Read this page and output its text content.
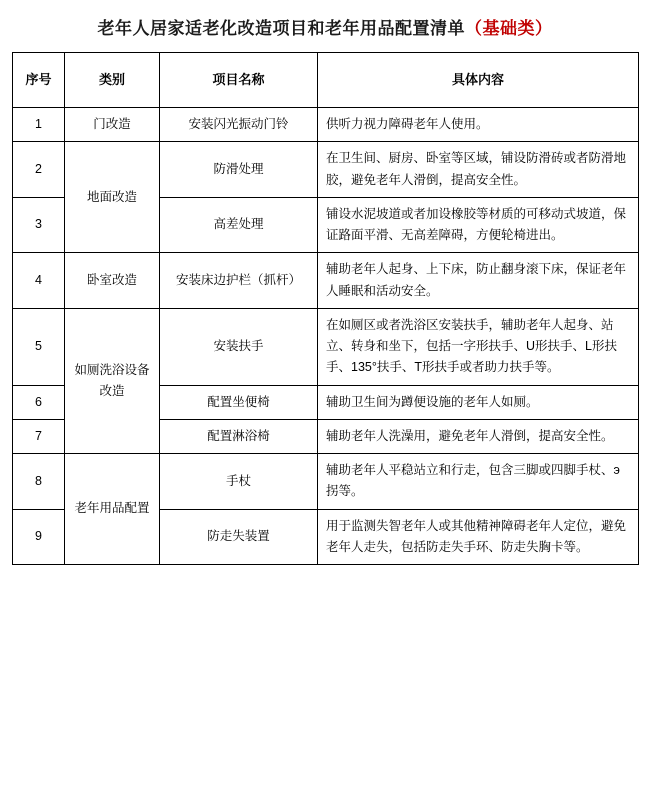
老年人居家适老化改造项目和老年用品配置清单（基础类）
序号	类别	项目名称	具体内容
1	门改造	安装闪光振动门铃	供听力视力障碍老年人使用。
2	地面改造	防滑处理	在卫生间、厨房、卧室等区域，铺设防滑砖或者防滑地胶，避免老年人滑倒，提高安全性。
3		高差处理	铺设水泥坡道或者加设橡胶等材质的可移动式坡道，保证路面平滑、无高差障碍，方便轮椅进出。
4	卧室改造	安装床边护栏（抓杆）	辅助老年人起身、上下床，防止翻身滚下床，保证老年人睡眠和活动安全。
5	如厕洗浴设备改造	安装扶手	在如厕区或者洗浴区安装扶手，辅助老年人起身、站立、转身和坐下，包括一字形扶手、U形扶手、L形扶手、135°扶手、T形扶手或者助力扶手等。
6		配置坐便椅	辅助卫生间为蹲便设施的老年人如厕。
7		配置淋浴椅	辅助老年人洗澡用，避免老年人滑倒，提高安全性。
8	老年用品配置	手杖	辅助老年人平稳站立和行走，包含三脚或四脚手杖、э拐等。
9		防走失装置	用于监测失智老年人或其他精神障碍老年人定位，避免老年人走失，包括防走失手环、防走失胸卡等。
